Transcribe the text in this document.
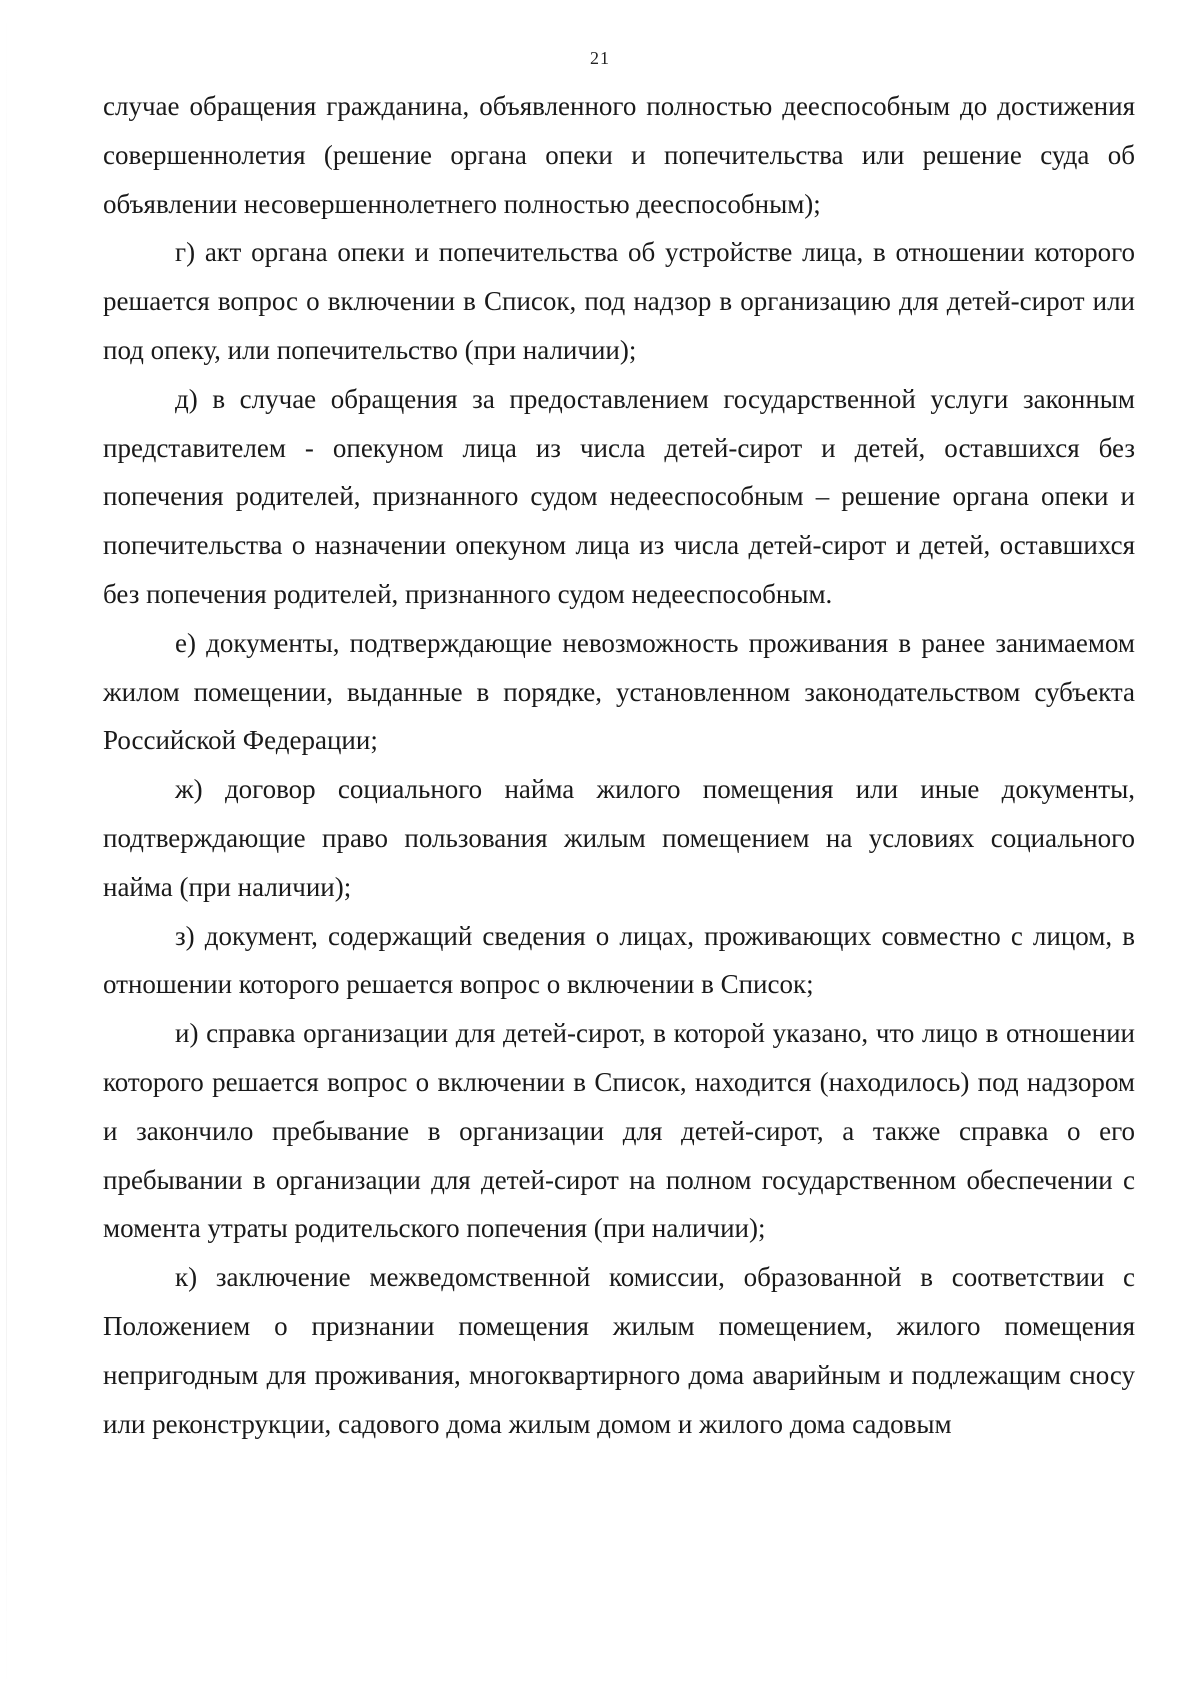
21

случае обращения гражданина, объявленного полностью дееспособным до достижения совершеннолетия (решение органа опеки и попечительства или решение суда об объявлении несовершеннолетнего полностью дееспособным);

г) акт органа опеки и попечительства об устройстве лица, в отношении которого решается вопрос о включении в Список, под надзор в организацию для детей-сирот или под опеку, или попечительство (при наличии);

д) в случае обращения за предоставлением государственной услуги законным представителем - опекуном лица из числа детей-сирот и детей, оставшихся без попечения родителей, признанного судом недееспособным – решение органа опеки и попечительства о назначении опекуном лица из числа детей-сирот и детей, оставшихся без попечения родителей, признанного судом недееспособным.

е) документы, подтверждающие невозможность проживания в ранее занимаемом жилом помещении, выданные в порядке, установленном законодательством субъекта Российской Федерации;

ж) договор социального найма жилого помещения или иные документы, подтверждающие право пользования жилым помещением на условиях социального найма (при наличии);

з) документ, содержащий сведения о лицах, проживающих совместно с лицом, в отношении которого решается вопрос о включении в Список;

и) справка организации для детей-сирот, в которой указано, что лицо в отношении которого решается вопрос о включении в Список, находится (находилось) под надзором и закончило пребывание в организации для детей-сирот, а также справка о его пребывании в организации для детей-сирот на полном государственном обеспечении с момента утраты родительского попечения (при наличии);

к) заключение межведомственной комиссии, образованной в соответствии с Положением о признании помещения жилым помещением, жилого помещения непригодным для проживания, многоквартирного дома аварийным и подлежащим сносу или реконструкции, садового дома жилым домом и жилого дома садовым
